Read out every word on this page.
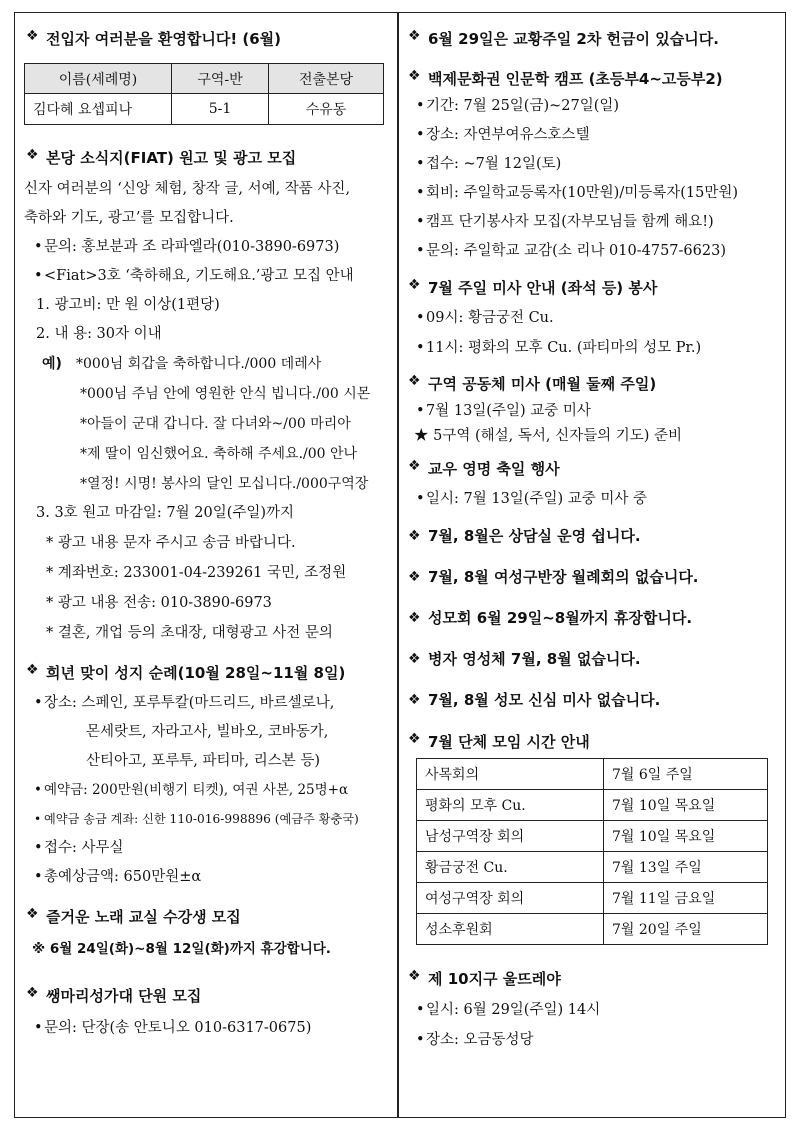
❖ 전입자 여러분을 환영합니다! (6월)

이름(세례명)	구역-반	전출본당
김다혜 요셉피나	5-1	수유동

❖ 본당 소식지(FIAT) 원고 및 광고 모집

신자 여러분의 ‘신앙 체험, 창작 글, 서예, 작품 사진,

축하와 기도, 광고’를 모집합니다.

•문의: 홍보분과 조 라파엘라(010-3890-6973)

•<Fiat>3호 ‘축하해요, 기도해요.’광고 모집 안내

1. 광고비: 만 원 이상(1편당)

2. 내 용: 30자 이내

예) *000님 회갑을 축하합니다./000 데레사

*000님 주님 안에 영원한 안식 빕니다./00 시몬

*아들이 군대 갑니다. 잘 다녀와~/00 마리아

*제 딸이 임신했어요. 축하해 주세요./00 안나

*열정! 시명! 봉사의 달인 모십니다./000구역장

3. 3호 원고 마감일: 7월 20일(주일)까지

* 광고 내용 문자 주시고 송금 바랍니다.

* 계좌번호: 233001-04-239261 국민, 조정원

* 광고 내용 전송: 010-3890-6973

* 결혼, 개업 등의 초대장, 대형광고 사전 문의

❖ 희년 맞이 성지 순례(10월 28일~11월 8일)

•장소: 스페인, 포루투칼(마드리드, 바르셀로나,

몬세랏트, 자라고사, 빌바오, 코바동가,

산티아고, 포루투, 파티마, 리스본 등)

• 예약금: 200만원(비행기 티켓), 여권 사본, 25명+α

• 예약금 송금 계좌: 신한 110-016-998896 (예금주 황충국)

•접수: 사무실

•총예상금액: 650만원±α

❖ 즐거운 노래 교실 수강생 모집

※ 6월 24일(화)~8월 12일(화)까지 휴강합니다.

❖ 쌩마리성가대 단원 모집

•문의: 단장(송 안토니오 010-6317-0675)

❖ 6월 29일은 교황주일 2차 헌금이 있습니다.

❖ 백제문화권 인문학 캠프 (초등부4~고등부2)

•기간: 7월 25일(금)~27일(일)

•장소: 자연부여유스호스텔

•접수: ~7월 12일(토)

•회비: 주일학교등록자(10만원)/미등록자(15만원)

•캠프 단기봉사자 모집(자부모님들 함께 해요!)

•문의: 주일학교 교감(소 리나 010-4757-6623)

❖ 7월 주일 미사 안내 (좌석 등) 봉사

•09시: 황금궁전 Cu.

•11시: 평화의 모후 Cu. (파티마의 성모 Pr.)

❖ 구역 공동체 미사 (매월 둘째 주일)

•7월 13일(주일) 교중 미사

★ 5구역 (해설, 독서, 신자들의 기도) 준비

❖ 교우 영명 축일 행사

•일시: 7월 13일(주일) 교중 미사 중

❖ 7월, 8월은 상담실 운영 쉽니다.

❖ 7월, 8월 여성구반장 월례회의 없습니다.

❖ 성모회 6월 29일~8월까지 휴장합니다.

❖ 병자 영성체 7월, 8월 없습니다.

❖ 7월, 8월 성모 신심 미사 없습니다.

❖ 7월 단체 모임 시간 안내

사목회의	7월 6일 주일
평화의 모후 Cu.	7월 10일 목요일
남성구역장 회의	7월 10일 목요일
황금궁전 Cu.	7월 13일 주일
여성구역장 회의	7월 11일 금요일
성소후원회	7월 20일 주일

❖ 제 10지구 울뜨레야

•일시: 6월 29일(주일) 14시

•장소: 오금동성당
